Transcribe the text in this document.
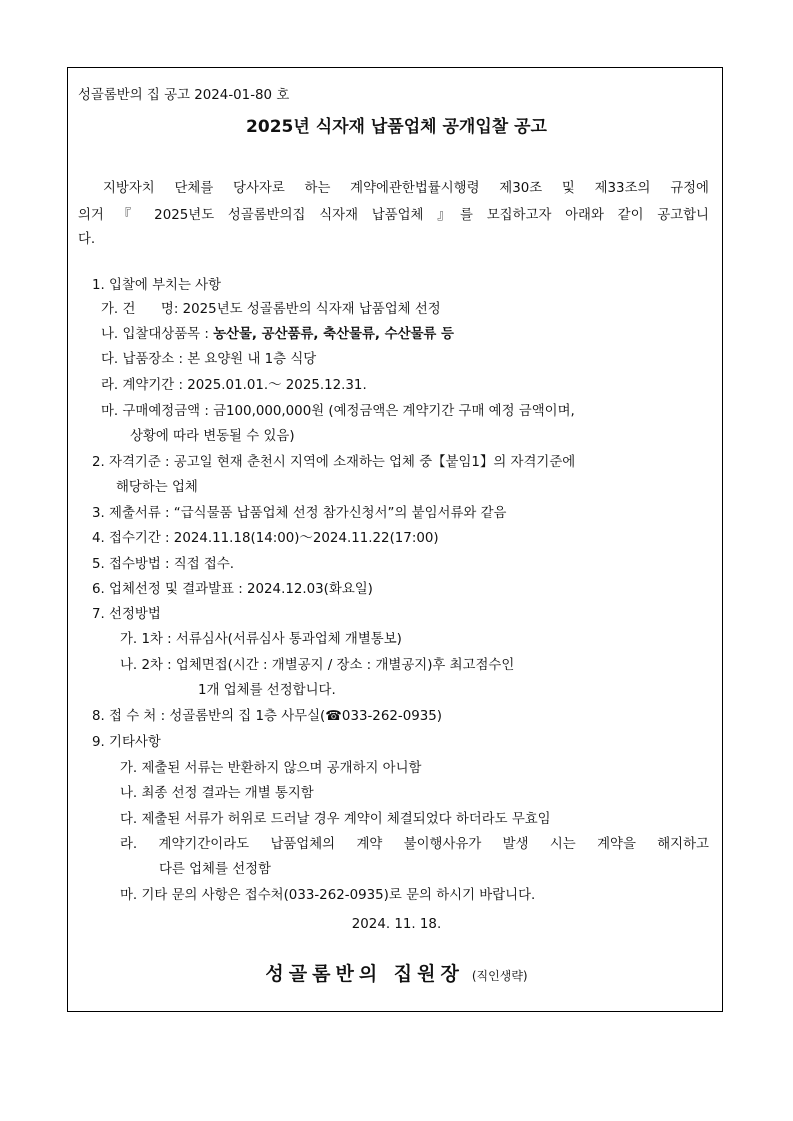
성골롬반의 집 공고 2024-01-80 호
2025년 식자재 납품업체 공개입찰 공고
지방자치 단체를 당사자로 하는 계약에관한법률시행령 제30조 및 제33조의 규정에
의거 『 2025년도 성골롬반의집 식자재 납품업체 』를 모집하고자 아래와 같이 공고합니
다.
1. 입찰에 부치는 사항
가. 건      명: 2025년도 성골롬반의 식자재 납품업체 선정
나. 입찰대상품목 : 농산물, 공산품류, 축산물류, 수산물류 등
다. 납품장소 : 본 요양원 내 1층 식당
라. 계약기간 : 2025.01.01.～ 2025.12.31.
마. 구매예정금액 : 금100,000,000원 (예정금액은 계약기간 구매 예정 금액이며,
상황에 따라 변동될 수 있음)
2. 자격기준 : 공고일 현재 춘천시 지역에 소재하는 업체 중【붙임1】의 자격기준에
해당하는 업체
3. 제출서류 : “급식물품 납품업체 선정 참가신청서”의 붙임서류와 같음
4. 접수기간 : 2024.11.18(14:00)～2024.11.22(17:00)
5. 접수방법 : 직접 접수.
6. 업체선정 및 결과발표 : 2024.12.03(화요일)
7. 선정방법
가. 1차 : 서류심사(서류심사 통과업체 개별통보)
나. 2차 : 업체면접(시간 : 개별공지 / 장소 : 개별공지)후 최고점수인
1개 업체를 선정합니다.
8. 접 수 처 : 성골롬반의 집 1층 사무실(☎033-262-0935)
9. 기타사항
가. 제출된 서류는 반환하지 않으며 공개하지 아니함
나. 최종 선정 결과는 개별 통지함
다. 제출된 서류가 허위로 드러날 경우 계약이 체결되었다 하더라도 무효임
라. 계약기간이라도 납품업체의 계약 불이행사유가 발생 시는 계약을 해지하고
다른 업체를 선정함
마. 기타 문의 사항은 접수처(033-262-0935)로 문의 하시기 바랍니다.
2024. 11. 18.
성골롬반의 집원장 (직인생략)
